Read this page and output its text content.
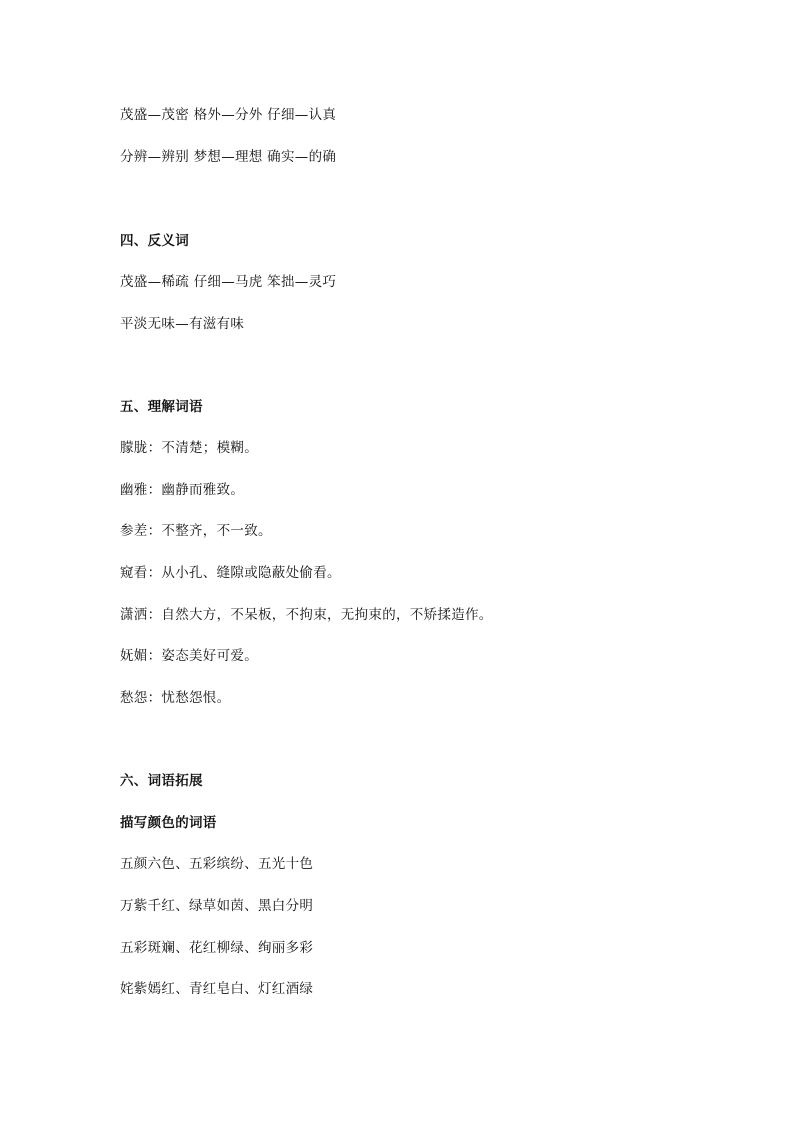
茂盛—茂密 格外—分外 仔细—认真
分辨—辨别 梦想—理想 确实—的确
四、反义词
茂盛—稀疏 仔细—马虎 笨拙—灵巧
平淡无味—有滋有味
五、理解词语
朦胧：不清楚；模糊。
幽雅：幽静而雅致。
参差：不整齐，不一致。
窥看：从小孔、缝隙或隐蔽处偷看。
潇洒：自然大方，不呆板，不拘束，无拘束的，不矫揉造作。
妩媚：姿态美好可爱。
愁怨：忧愁怨恨。
六、词语拓展
描写颜色的词语
五颜六色、五彩缤纷、五光十色
万紫千红、绿草如茵、黑白分明
五彩斑斓、花红柳绿、绚丽多彩
姹紫嫣红、青红皂白、灯红酒绿
